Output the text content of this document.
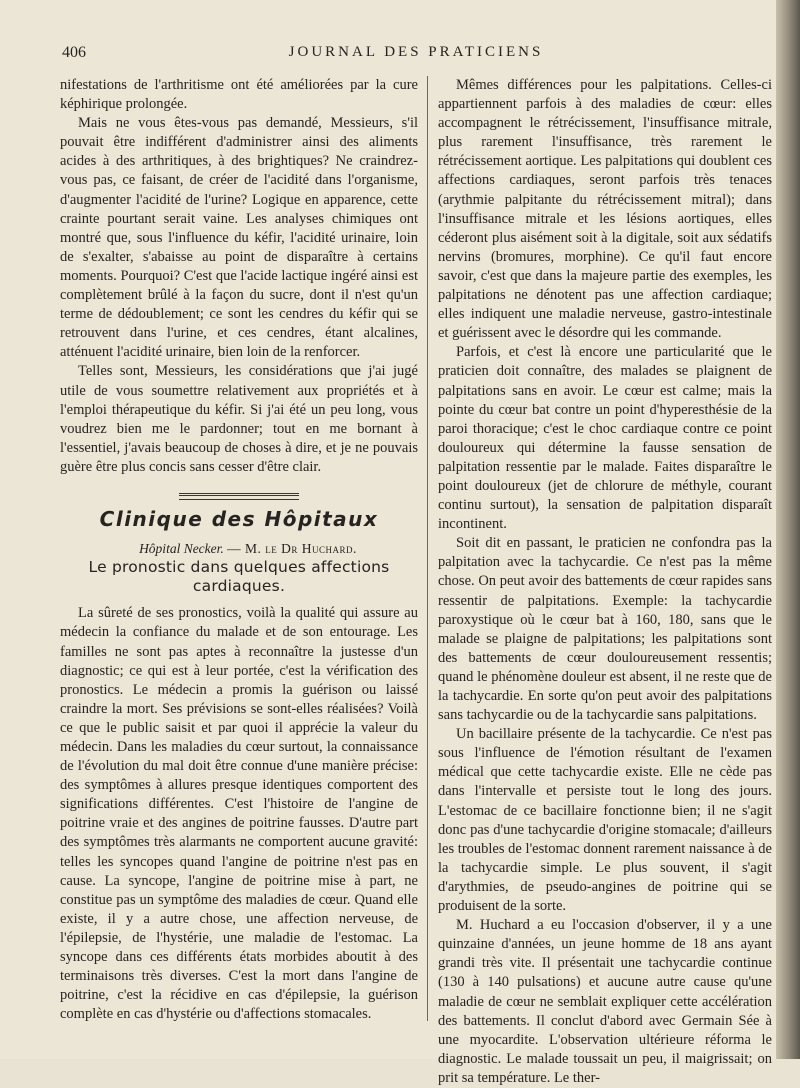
406	JOURNAL DES PRATICIENS

nifestations de l'arthritisme ont été améliorées par la cure képhirique prolongée.

Mais ne vous êtes-vous pas demandé, Messieurs, s'il pouvait être indifférent d'administrer ainsi des aliments acides à des arthritiques, à des brightiques? Ne craindrez-vous pas, ce faisant, de créer de l'acidité dans l'organisme, d'augmenter l'acidité de l'urine? Logique en apparence, cette crainte pourtant serait vaine. Les analyses chimiques ont montré que, sous l'influence du kéfir, l'acidité urinaire, loin de s'exalter, s'abaisse au point de disparaître à certains moments. Pourquoi? C'est que l'acide lactique ingéré ainsi est complètement brûlé à la façon du sucre, dont il n'est qu'un terme de dédoublement; ce sont les cendres du kéfir qui se retrouvent dans l'urine, et ces cendres, étant alcalines, atténuent l'acidité urinaire, bien loin de la renforcer.

Telles sont, Messieurs, les considérations que j'ai jugé utile de vous soumettre relativement aux propriétés et à l'emploi thérapeutique du kéfir. Si j'ai été un peu long, vous voudrez bien me le pardonner; tout en me bornant à l'essentiel, j'avais beaucoup de choses à dire, et je ne pouvais guère être plus concis sans cesser d'être clair.

Clinique des Hôpitaux

Hôpital Necker. — M. le Dr Huchard.

Le pronostic dans quelques affections cardiaques.

La sûreté de ses pronostics, voilà la qualité qui assure au médecin la confiance du malade et de son entourage. Les familles ne sont pas aptes à reconnaître la justesse d'un diagnostic; ce qui est à leur portée, c'est la vérification des pronostics. Le médecin a promis la guérison ou laissé craindre la mort. Ses prévisions se sont-elles réalisées? Voilà ce que le public saisit et par quoi il apprécie la valeur du médecin. Dans les maladies du cœur surtout, la connaissance de l'évolution du mal doit être connue d'une manière précise: des symptômes à allures presque identiques comportent des significations différentes. C'est l'histoire de l'angine de poitrine vraie et des angines de poitrine fausses. D'autre part des symptômes très alarmants ne comportent aucune gravité: telles les syncopes quand l'angine de poitrine n'est pas en cause. La syncope, l'angine de poitrine mise à part, ne constitue pas un symptôme des maladies de cœur. Quand elle existe, il y a autre chose, une affection nerveuse, de l'épilepsie, de l'hystérie, une maladie de l'estomac. La syncope dans ces différents états morbides aboutit à des terminaisons très diverses. C'est la mort dans l'angine de poitrine, c'est la récidive en cas d'épilepsie, la guérison complète en cas d'hystérie ou d'affections stomacales.

Mêmes différences pour les palpitations. Celles-ci appartiennent parfois à des maladies de cœur: elles accompagnent le rétrécissement, l'insuffisance mitrale, plus rarement l'insuffisance, très rarement le rétrécissement aortique. Les palpitations qui doublent ces affections cardiaques, seront parfois très tenaces (arythmie palpitante du rétrécissement mitral); dans l'insuffisance mitrale et les lésions aortiques, elles céderont plus aisément soit à la digitale, soit aux sédatifs nervins (bromures, morphine). Ce qu'il faut encore savoir, c'est que dans la majeure partie des exemples, les palpitations ne dénotent pas une affection cardiaque; elles indiquent une maladie nerveuse, gastro-intestinale et guérissent avec le désordre qui les commande.

Parfois, et c'est là encore une particularité que le praticien doit connaître, des malades se plaignent de palpitations sans en avoir. Le cœur est calme; mais la pointe du cœur bat contre un point d'hyperesthésie de la paroi thoracique; c'est le choc cardiaque contre ce point douloureux qui détermine la fausse sensation de palpitation ressentie par le malade. Faites disparaître le point douloureux (jet de chlorure de méthyle, courant continu surtout), la sensation de palpitation disparaît incontinent.

Soit dit en passant, le praticien ne confondra pas la palpitation avec la tachycardie. Ce n'est pas la même chose. On peut avoir des battements de cœur rapides sans ressentir de palpitations. Exemple: la tachycardie paroxystique où le cœur bat à 160, 180, sans que le malade se plaigne de palpitations; les palpitations sont des battements de cœur douloureusement ressentis; quand le phénomène douleur est absent, il ne reste que de la tachycardie. En sorte qu'on peut avoir des palpitations sans tachycardie ou de la tachycardie sans palpitations.

Un bacillaire présente de la tachycardie. Ce n'est pas sous l'influence de l'émotion résultant de l'examen médical que cette tachycardie existe. Elle ne cède pas dans l'intervalle et persiste tout le long des jours. L'estomac de ce bacillaire fonctionne bien; il ne s'agit donc pas d'une tachycardie d'origine stomacale; d'ailleurs les troubles de l'estomac donnent rarement naissance à de la tachycardie simple. Le plus souvent, il s'agit d'arythmies, de pseudo-angines de poitrine qui se produisent de la sorte.

M. Huchard a eu l'occasion d'observer, il y a une quinzaine d'années, un jeune homme de 18 ans ayant grandi très vite. Il présentait une tachycardie continue (130 à 140 pulsations) et aucune autre cause qu'une maladie de cœur ne semblait expliquer cette accélération des battements. Il conclut d'abord avec Germain Sée à une myocardite. L'observation ultérieure réforma le diagnostic. Le malade toussait un peu, il maigrissait; on prit sa température. Le ther-
